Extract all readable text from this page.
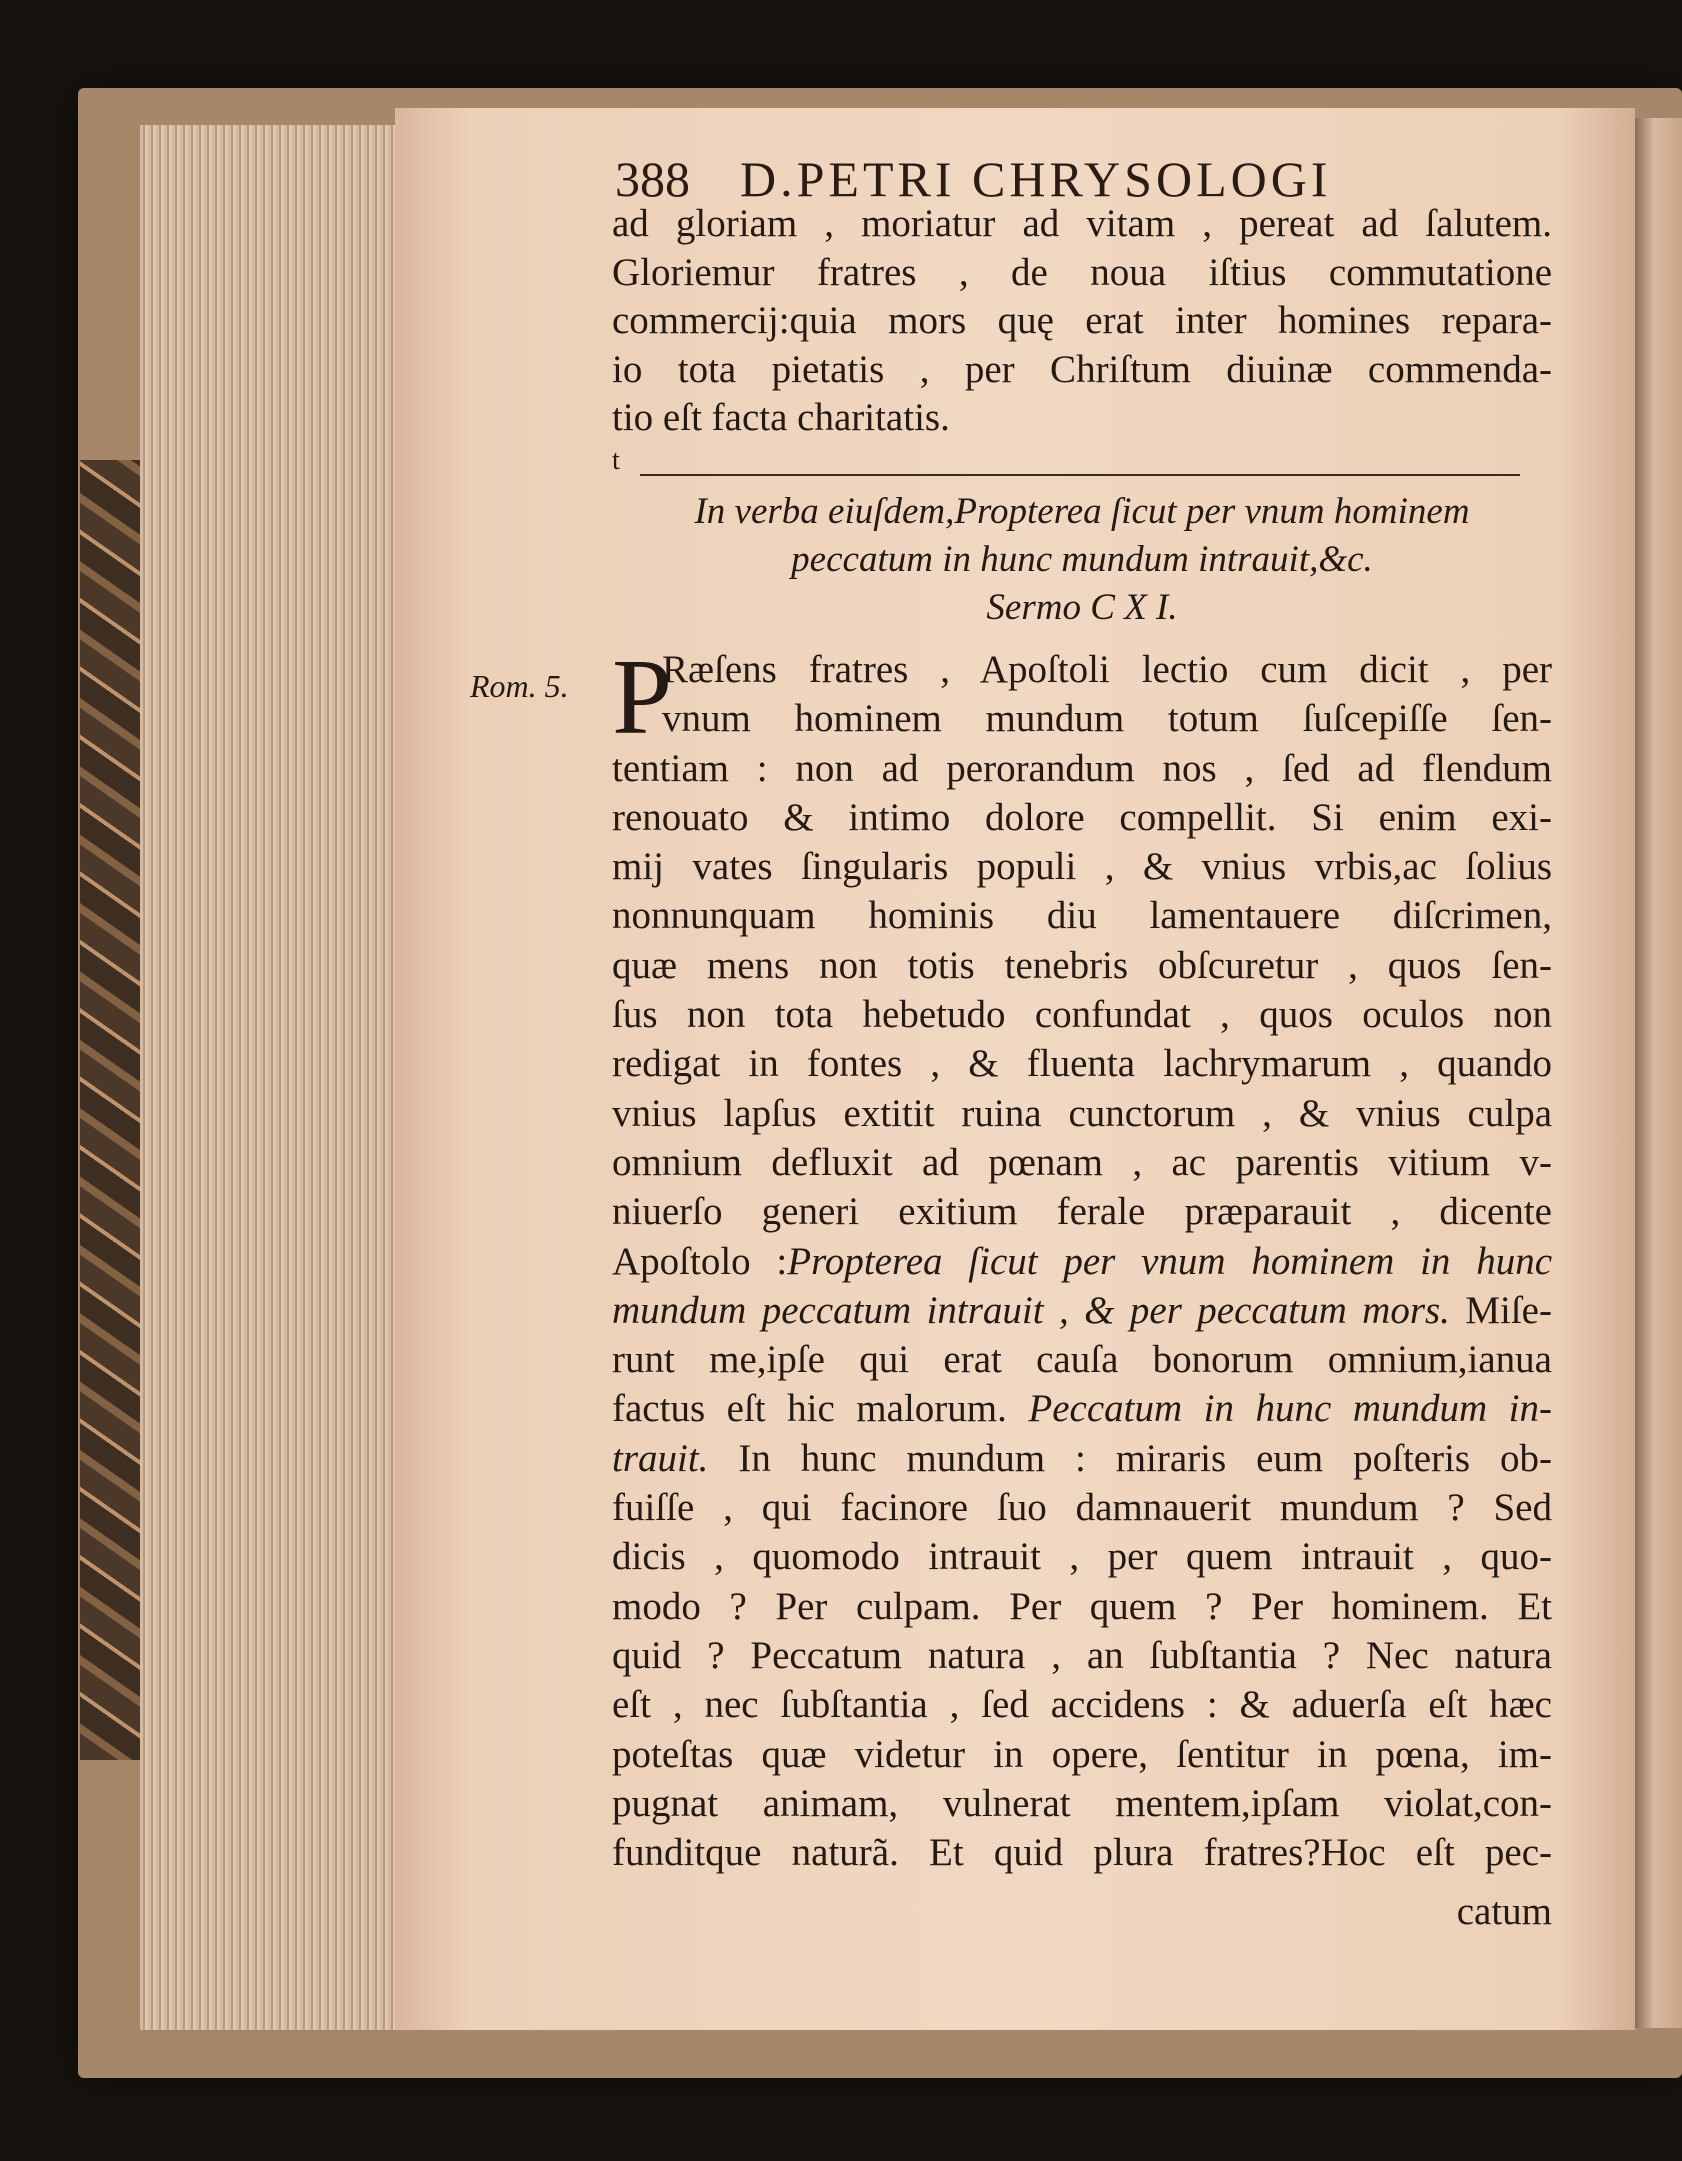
388	D.PETRI CHRYSOLOGI
ad gloriam , moriatur ad vitam , pereat ad ſalutem.
Gloriemur fratres , de noua iſtius commutatione
commercij:quia mors quę erat inter homines repara-
io tota pietatis , per Chriſtum diuinæ commenda-
tio eſt facta charitatis.
t
In verba eiuſdem,Propterea ſicut per vnum hominem
peccatum in hunc mundum intrauit,&c.
Sermo C X I.
Rom. 5. P
Ræſens fratres , Apoſtoli lectio cum dicit , per
vnum hominem mundum totum ſuſcepiſſe ſen-
tentiam : non ad perorandum nos , ſed ad flendum
renouato & intimo dolore compellit. Si enim exi-
mij vates ſingularis populi , & vnius vrbis,ac ſolius
nonnunquam hominis diu lamentauere diſcrimen,
quæ mens non totis tenebris obſcuretur , quos ſen-
ſus non tota hebetudo confundat , quos oculos non
redigat in fontes , & fluenta lachrymarum , quando
vnius lapſus extitit ruina cunctorum , & vnius culpa
omnium defluxit ad pœnam , ac parentis vitium v-
niuerſo generi exitium ferale præparauit , dicente
Apoſtolo :Propterea ſicut per vnum hominem in hunc
mundum peccatum intrauit , & per peccatum mors. Miſe-
runt me,ipſe qui erat cauſa bonorum omnium,ianua
factus eſt hic malorum. Peccatum in hunc mundum in-
trauit. In hunc mundum : miraris eum poſteris ob-
fuiſſe , qui facinore ſuo damnauerit mundum ? Sed
dicis , quomodo intrauit , per quem intrauit , quo-
modo ? Per culpam. Per quem ? Per hominem. Et
quid ? Peccatum natura , an ſubſtantia ? Nec natura
eſt , nec ſubſtantia , ſed accidens : & aduerſa eſt hæc
poteſtas quæ videtur in opere, ſentitur in pœna, im-
pugnat animam, vulnerat mentem,ipſam violat,con-
funditque naturã. Et quid plura fratres?Hoc eſt pec-
catum
